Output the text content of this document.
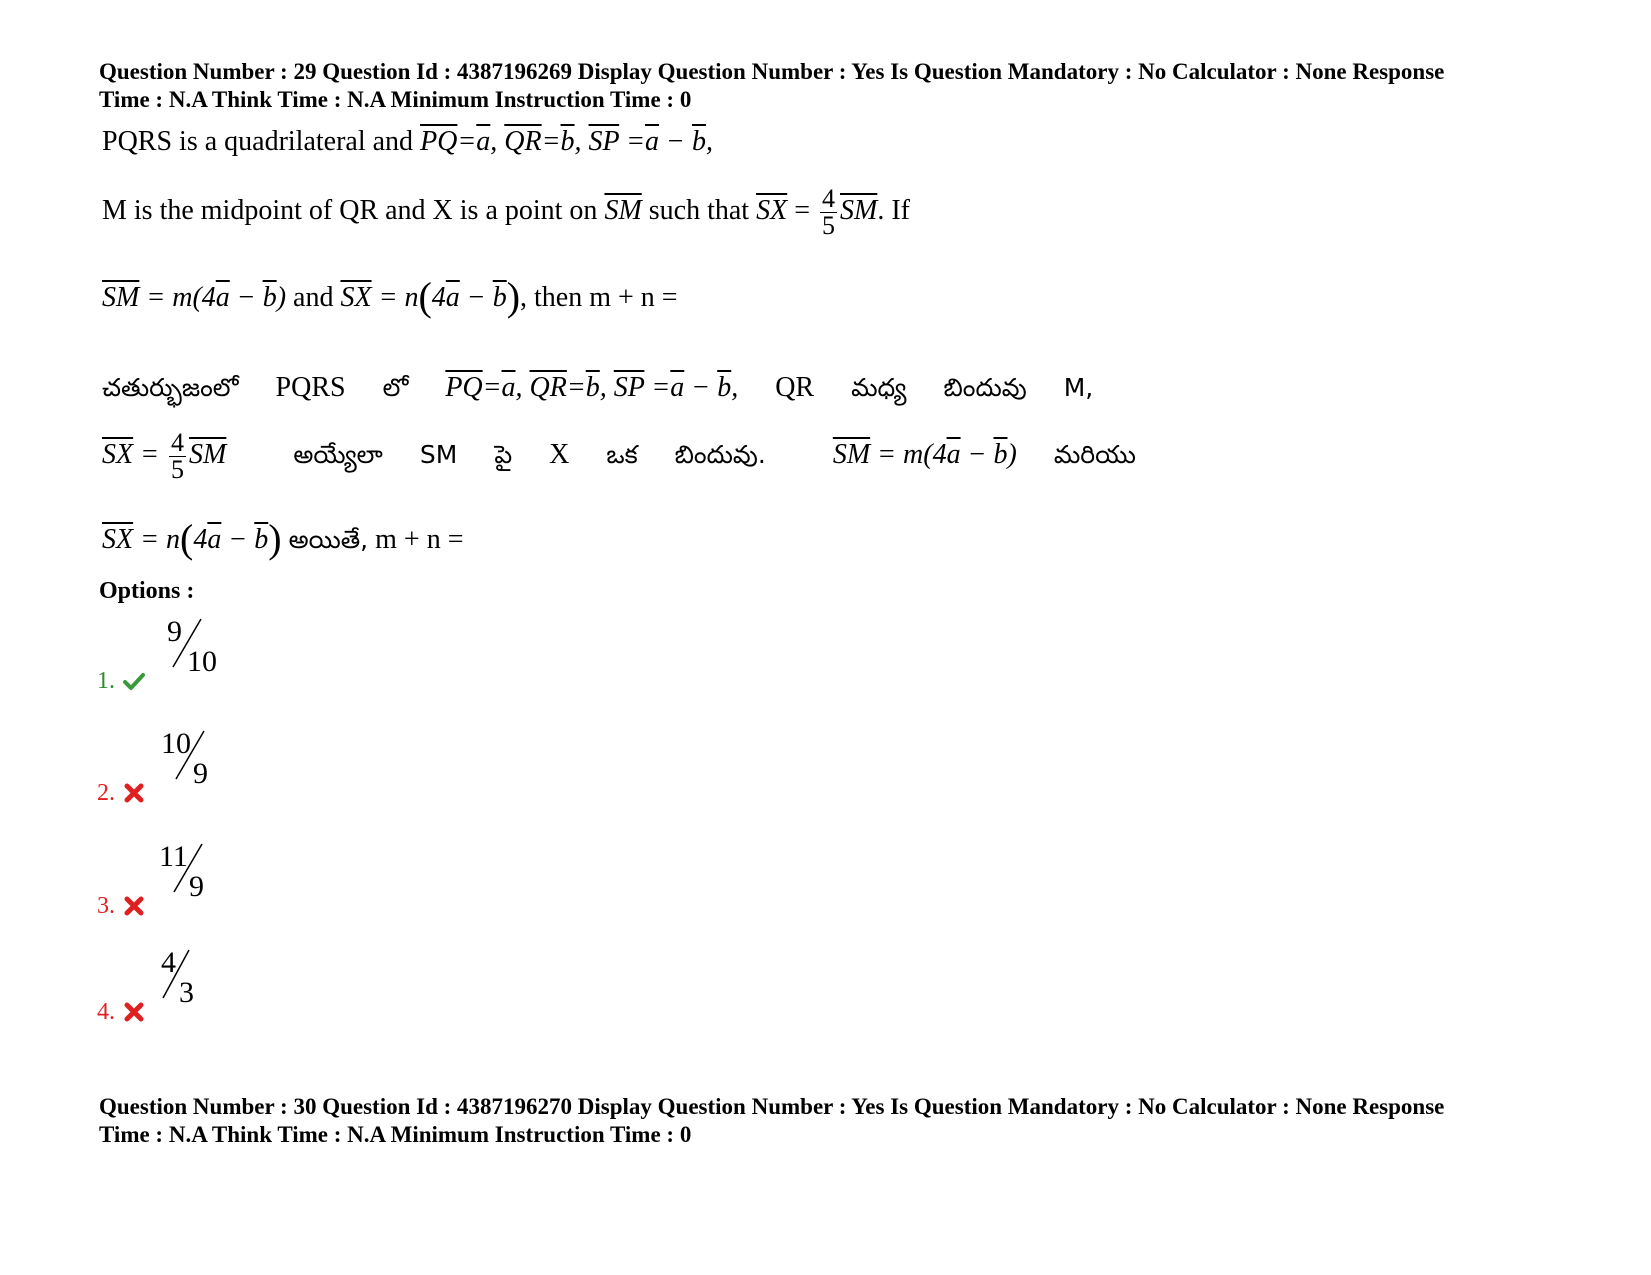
Question Number : 29 Question Id : 4387196269 Display Question Number : Yes Is Question Mandatory : No Calculator : None Response
Time : N.A Think Time : N.A Minimum Instruction Time : 0
PQRS is a quadrilateral and $\overline{PQ}=\overline{a}$, $\overline{QR}=\overline{b}$, $\overline{SP} =\overline{a} - \overline{b}$,
M is the midpoint of QR and X is a point on $\overline{SM}$ such that $\overline{SX} = \frac{4}{5} \overline{SM}$. If
$\overline{SM} = m(4\overline{a} - \overline{b})$ and $\overline{SX} = n(4\overline{a} - \overline{b})$, then m + n =
చతుర్భుజంలో PQRS లో $\overline{PQ}=\overline{a}$, $\overline{QR}=\overline{b}$, $\overline{SP} =\overline{a} - \overline{b}$, QR మధ్య బిందువు M,
$\overline{SX} = \frac{4}{5} \overline{SM}$	అయ్యేలా SM పై X ఒక బిందువు. $\overline{SM} = m(4\overline{a} - \overline{b})$ మరియు
$\overline{SX} = n(4\overline{a} - \overline{b})$ అయితే, m + n =
Options :
1.
9
10
2.
10
9
3.
11
9
4.
4
3
Question Number : 30 Question Id : 4387196270 Display Question Number : Yes Is Question Mandatory : No Calculator : None Response
Time : N.A Think Time : N.A Minimum Instruction Time : 0
